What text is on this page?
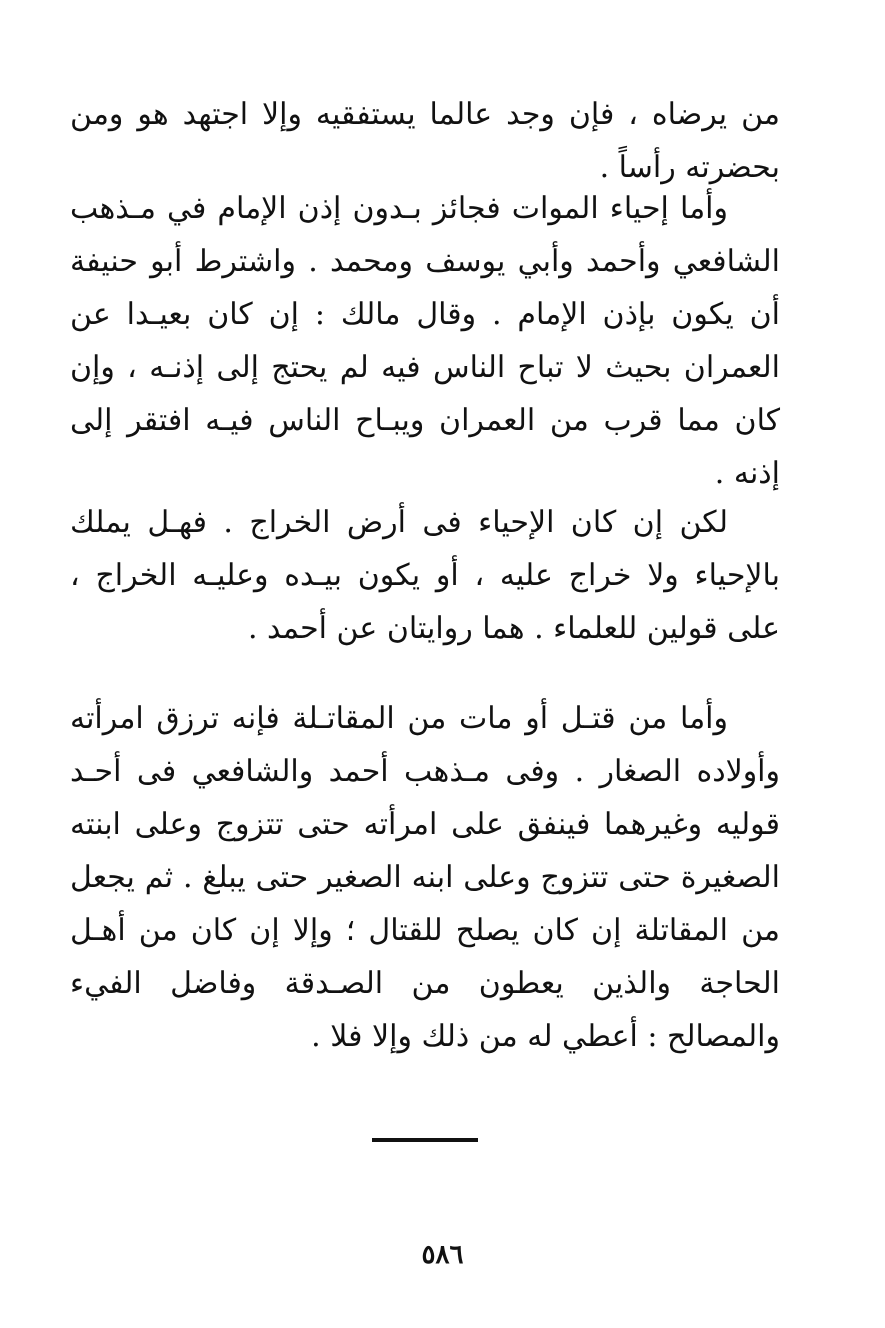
من يرضاه ، فإن وجد عالما يستفقيه وإلا اجتهد هو ومن بحضرته رأساً .

وأما إحياء الموات فجائز بـدون إذن الإمام في مـذهب الشافعي وأحمد وأبي يوسف ومحمد . واشترط أبو حنيفة أن يكون بإذن الإمام . وقال مالك : إن كان بعيـدا عن العمران بحيث لا تباح الناس فيه لم يحتج إلى إذنـه ، وإن كان مما قرب من العمران ويبـاح الناس فيـه افتقر إلى إذنه .

لكن إن كان الإحياء فى أرض الخراج . فهـل يملك بالإحياء ولا خراج عليه ، أو يكون بيـده وعليـه الخراج ، على قولين للعلماء . هما روايتان عن أحمد .

وأما من قتـل أو مات من المقاتـلة فإنه ترزق امرأته وأولاده الصغار . وفى مـذهب أحمد والشافعي فى أحـد قوليه وغيرهما فينفق على امرأته حتى تتزوج وعلى ابنته الصغيرة حتى تتزوج وعلى ابنه الصغير حتى يبلغ . ثم يجعل من المقاتلة إن كان يصلح للقتال ؛ وإلا إن كان من أهـل الحاجة والذين يعطون من الصـدقة وفاضل الفيء والمصالح : أعطي له من ذلك وإلا فلا .

٥٨٦
